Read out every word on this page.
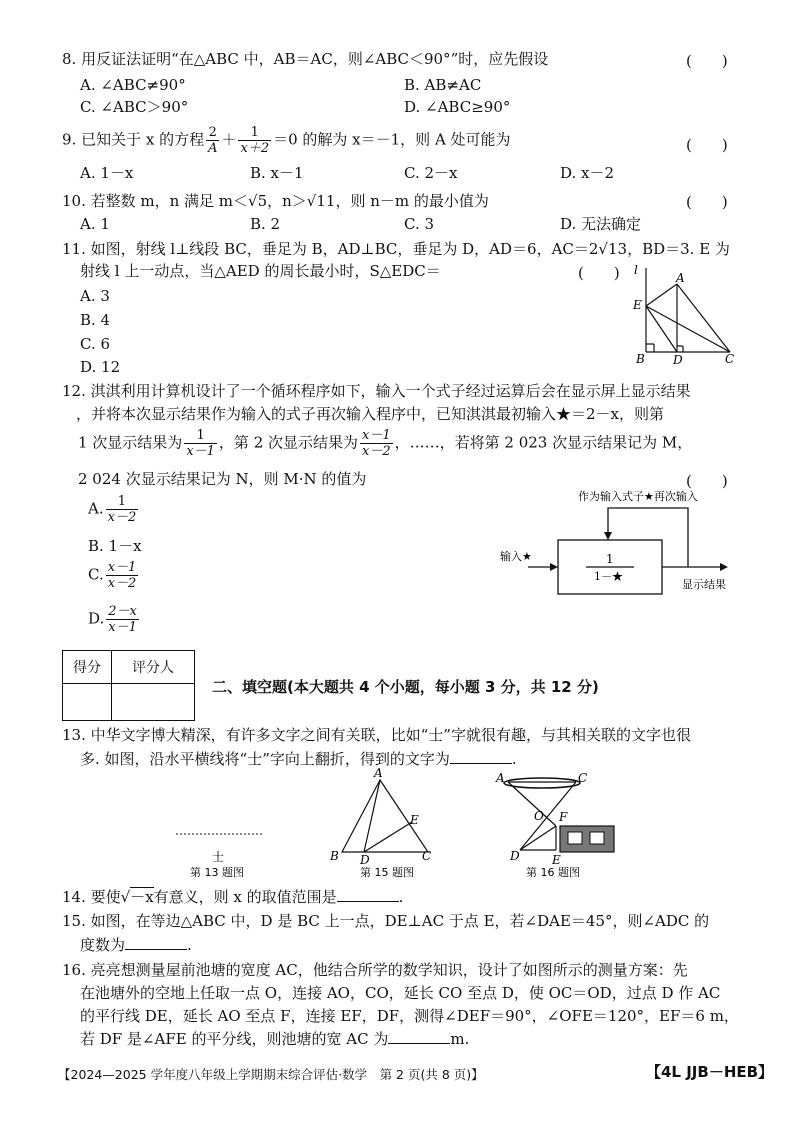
8. 用反证法证明“在△ABC 中，AB＝AC，则∠ABC＜90°”时，应先假设	(　　)
A. ∠ABC≠90°	B. AB≠AC
C. ∠ABC＞90°	D. ∠ABC≥90°
9. 已知关于 x 的方程 $\frac{2}{A} + \frac{1}{x+2} =0$ 的解为 x＝－1，则 A 处可能为	(　　)
A. 1－x	B. x－1	C. 2－x	D. x－2
10. 若整数 m，n 满足 m＜√5，n＞√11，则 n－m 的最小值为	(　　)
A. 1	B. 2	C. 3	D. 无法确定
11. 如图，射线 l⊥线段 BC，垂足为 B，AD⊥BC，垂足为 D，AD＝6，AC＝2√13，BD＝3. E 为
射线 l 上一动点，当△AED 的周长最小时，S△EDC＝	(　　)
A. 3
B. 4
C. 6
D. 12
l
A
E
B D	C
12. 淇淇利用计算机设计了一个循环程序如下，输入一个式子经过运算后会在显示屏上显示结果
，并将本次显示结果作为输入的式子再次输入程序中，已知淇淇最初输入★＝2－x，则第
1 次显示结果为 $\frac{1}{x-1}$ ，第 2 次显示结果为 $\frac{x-1}{x-2}$ ，……，若将第 2 023 次显示结果记为 M，
2 024 次显示结果记为 N，则 M·N 的值为	(　　)
A. $\frac{1}{x-2}$
B. 1－x
C. $\frac{x-1}{x-2}$
D. $\frac{2-x}{x-1}$
作为输入式子★再次输入
输入★	1
1－★
显示结果
得分	评分人

二、填空题(本大题共 4 个小题，每小题 3 分，共 12 分)
13. 中华文字博大精深，有许多文字之间有关联，比如“士”字就很有趣，与其相关联的文字也很
多. 如图，沿水平横线将“士”字向上翻折，得到的文字为	.
士
第 13 题图
A
B	C
D
E
第 15 题图
A	C
O F
D	E
第 16 题图
14. 要使√－x有意义，则 x 的取值范围是	.
15. 如图，在等边△ABC 中，D 是 BC 上一点，DE⊥AC 于点 E，若∠DAE＝45°，则∠ADC 的
度数为	.
16. 亮亮想测量屋前池塘的宽度 AC，他结合所学的数学知识，设计了如图所示的测量方案：先
在池塘外的空地上任取一点 O，连接 AO，CO，延长 CO 至点 D，使 OC＝OD，过点 D 作 AC
的平行线 DE，延长 AO 至点 F，连接 EF，DF，测得∠DEF＝90°，∠OFE＝120°，EF＝6 m，
若 DF 是∠AFE 的平分线，则池塘的宽 AC 为	m.
【2024—2025 学年度八年级上学期期末综合评估·数学　第 2 页(共 8 页)】	【4L JJB－HEB】
